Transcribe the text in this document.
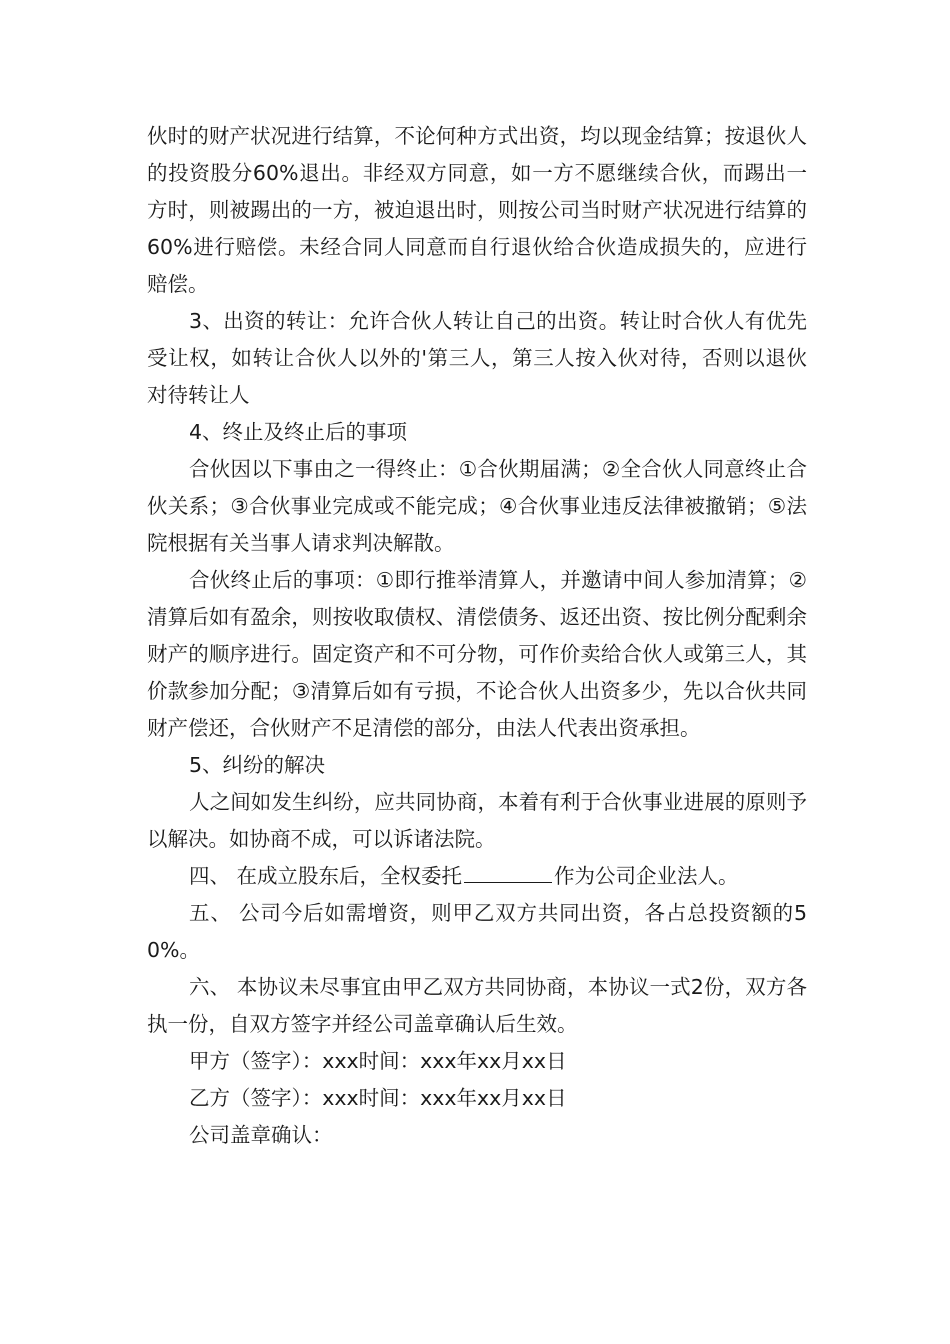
伙时的财产状况进行结算，不论何种方式出资，均以现金结算；按退伙人的投资股分60%退出。非经双方同意，如一方不愿继续合伙，而踢出一方时，则被踢出的一方，被迫退出时，则按公司当时财产状况进行结算的60%进行赔偿。未经合同人同意而自行退伙给合伙造成损失的，应进行赔偿。

3、出资的转让：允许合伙人转让自己的出资。转让时合伙人有优先受让权，如转让合伙人以外的'第三人，第三人按入伙对待，否则以退伙对待转让人

4、终止及终止后的事项

合伙因以下事由之一得终止：①合伙期届满；②全合伙人同意终止合伙关系；③合伙事业完成或不能完成；④合伙事业违反法律被撤销；⑤法院根据有关当事人请求判决解散。

合伙终止后的事项：①即行推举清算人，并邀请中间人参加清算；②清算后如有盈余，则按收取债权、清偿债务、返还出资、按比例分配剩余财产的顺序进行。固定资产和不可分物，可作价卖给合伙人或第三人，其价款参加分配；③清算后如有亏损，不论合伙人出资多少，先以合伙共同财产偿还，合伙财产不足清偿的部分，由法人代表出资承担。

5、纠纷的解决

人之间如发生纠纷，应共同协商，本着有利于合伙事业进展的原则予以解决。如协商不成，可以诉诸法院。

四、 在成立股东后，全权委托	作为公司企业法人。

五、 公司今后如需增资，则甲乙双方共同出资，各占总投资额的50%。

六、 本协议未尽事宜由甲乙双方共同协商，本协议一式2份，双方各执一份，自双方签字并经公司盖章确认后生效。

甲方（签字）：xxx时间：xxx年xx月xx日

乙方（签字）：xxx时间：xxx年xx月xx日

公司盖章确认：
